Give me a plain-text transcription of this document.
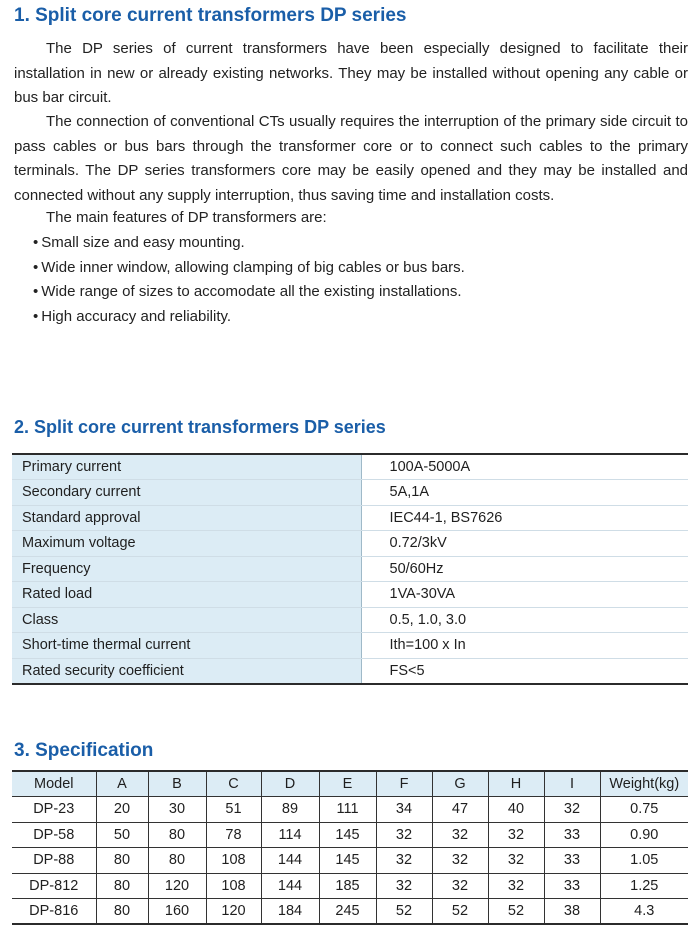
1. Split core current transformers DP series

The DP series of current transformers have been especially designed to facilitate their installation in new or already existing networks. They may be installed without opening any cable or bus bar circuit.

The connection of conventional CTs usually requires the interruption of the primary side circuit to pass cables or bus bars through the transformer core or to connect such cables to the primary terminals. The DP series transformers core may be easily opened and they may be installed and connected without any supply interruption, thus saving time and installation costs.

The main features of DP transformers are:

• Small size and easy mounting.
• Wide inner window, allowing clamping of big cables or bus bars.
• Wide range of sizes to accomodate all the existing installations.
• High accuracy and reliability.
2. Split core current transformers DP series
Primary current	100A-5000A
Secondary current	5A,1A
Standard approval	IEC44-1, BS7626
Maximum voltage	0.72/3kV
Frequency	50/60Hz
Rated load	1VA-30VA
Class	0.5, 1.0, 3.0
Short-time thermal current	Ith=100 x In
Rated security coefficient	FS<5
3. Specification
Model	A	B	C	D	E	F	G	H	I	Weight(kg)
DP-23	20	30	51	89	111	34	47	40	32	0.75
DP-58	50	80	78	114	145	32	32	32	33	0.90
DP-88	80	80	108	144	145	32	32	32	33	1.05
DP-812	80	120	108	144	185	32	32	32	33	1.25
DP-816	80	160	120	184	245	52	52	52	38	4.3
